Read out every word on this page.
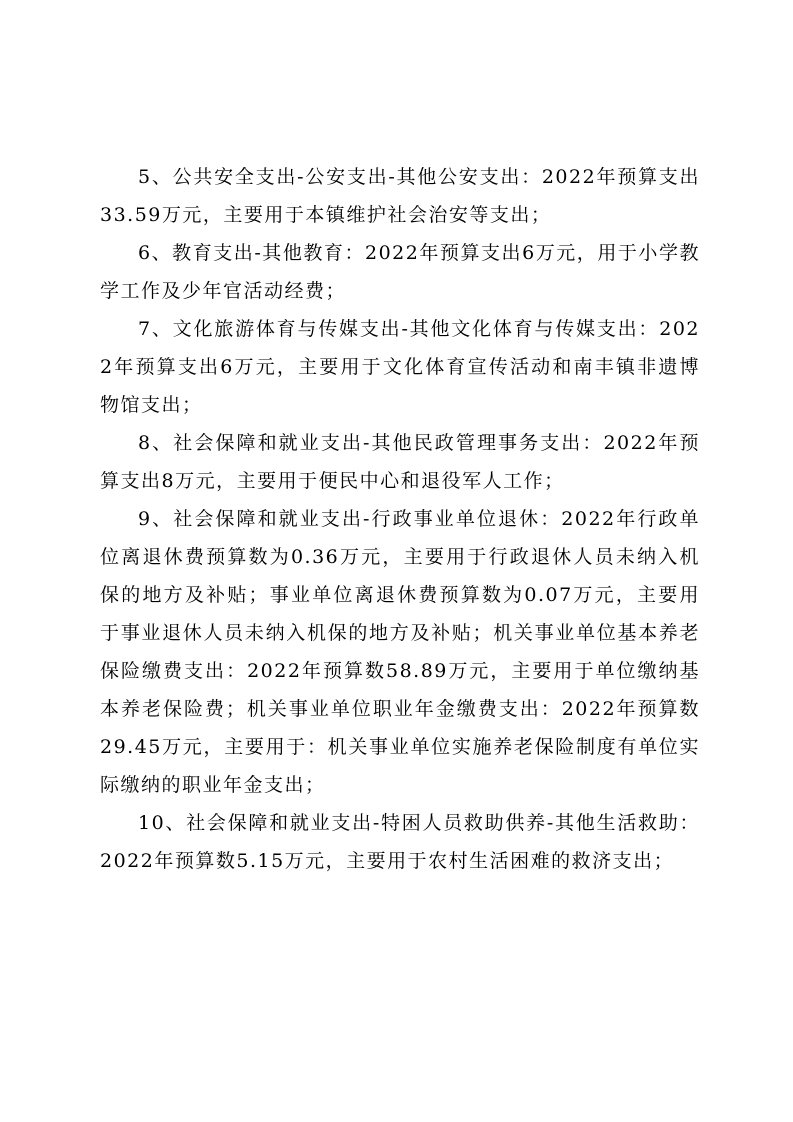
5、公共安全支出-公安支出-其他公安支出：2022年预算支出33.59万元，主要用于本镇维护社会治安等支出；

6、教育支出-其他教育：2022年预算支出6万元，用于小学教学工作及少年官活动经费；

7、文化旅游体育与传媒支出-其他文化体育与传媒支出：2022年预算支出6万元，主要用于文化体育宣传活动和南丰镇非遗博物馆支出；

8、社会保障和就业支出-其他民政管理事务支出：2022年预算支出8万元，主要用于便民中心和退役军人工作；

9、社会保障和就业支出-行政事业单位退休：2022年行政单位离退休费预算数为0.36万元，主要用于行政退休人员未纳入机保的地方及补贴；事业单位离退休费预算数为0.07万元，主要用于事业退休人员未纳入机保的地方及补贴；机关事业单位基本养老保险缴费支出：2022年预算数58.89万元，主要用于单位缴纳基本养老保险费；机关事业单位职业年金缴费支出：2022年预算数29.45万元，主要用于：机关事业单位实施养老保险制度有单位实际缴纳的职业年金支出；

10、社会保障和就业支出-特困人员救助供养-其他生活救助：2022年预算数5.15万元，主要用于农村生活困难的救济支出；
